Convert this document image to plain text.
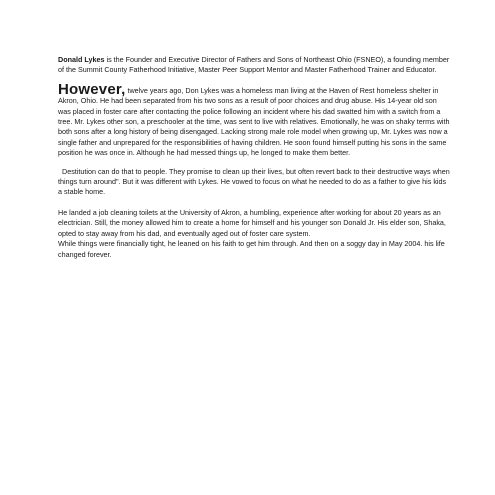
Donald Lykes is the Founder and Executive Director of Fathers and Sons of Northeast Ohio (FSNEO), a founding member of the Summit County Fatherhood Initiative, Master Peer Support Mentor and Master Fatherhood Trainer and Educator.

However, twelve years ago, Don Lykes was a homeless man living at the Haven of Rest homeless shelter in Akron, Ohio. He had been separated from his two sons as a result of poor choices and drug abuse. His 14-year old son was placed in foster care after contacting the police following an incident where his dad swatted him with a switch from a tree. Mr. Lykes other son, a preschooler at the time, was sent to live with relatives. Emotionally, he was on shaky terms with both sons after a long history of being disengaged. Lacking strong male role model when growing up, Mr. Lykes was now a single father and unprepared for the responsibilities of having children. He soon found himself putting his sons in the same position he was once in. Although he had messed things up, he longed to make them better.

Destitution can do that to people. They promise to clean up their lives, but often revert back to their destructive ways when things turn around". But it was different with Lykes. He vowed to focus on what he needed to do as a father to give his kids a stable home.

He landed a job cleaning toilets at the University of Akron, a humbling, experience after working for about 20 years as an electrician. Still, the money allowed him to create a home for himself and his younger son Donald Jr. His elder son, Shaka, opted to stay away from his dad, and eventually aged out of foster care system.

While things were financially tight, he leaned on his faith to get him through. And then on a soggy day in May 2004. his life changed forever.
